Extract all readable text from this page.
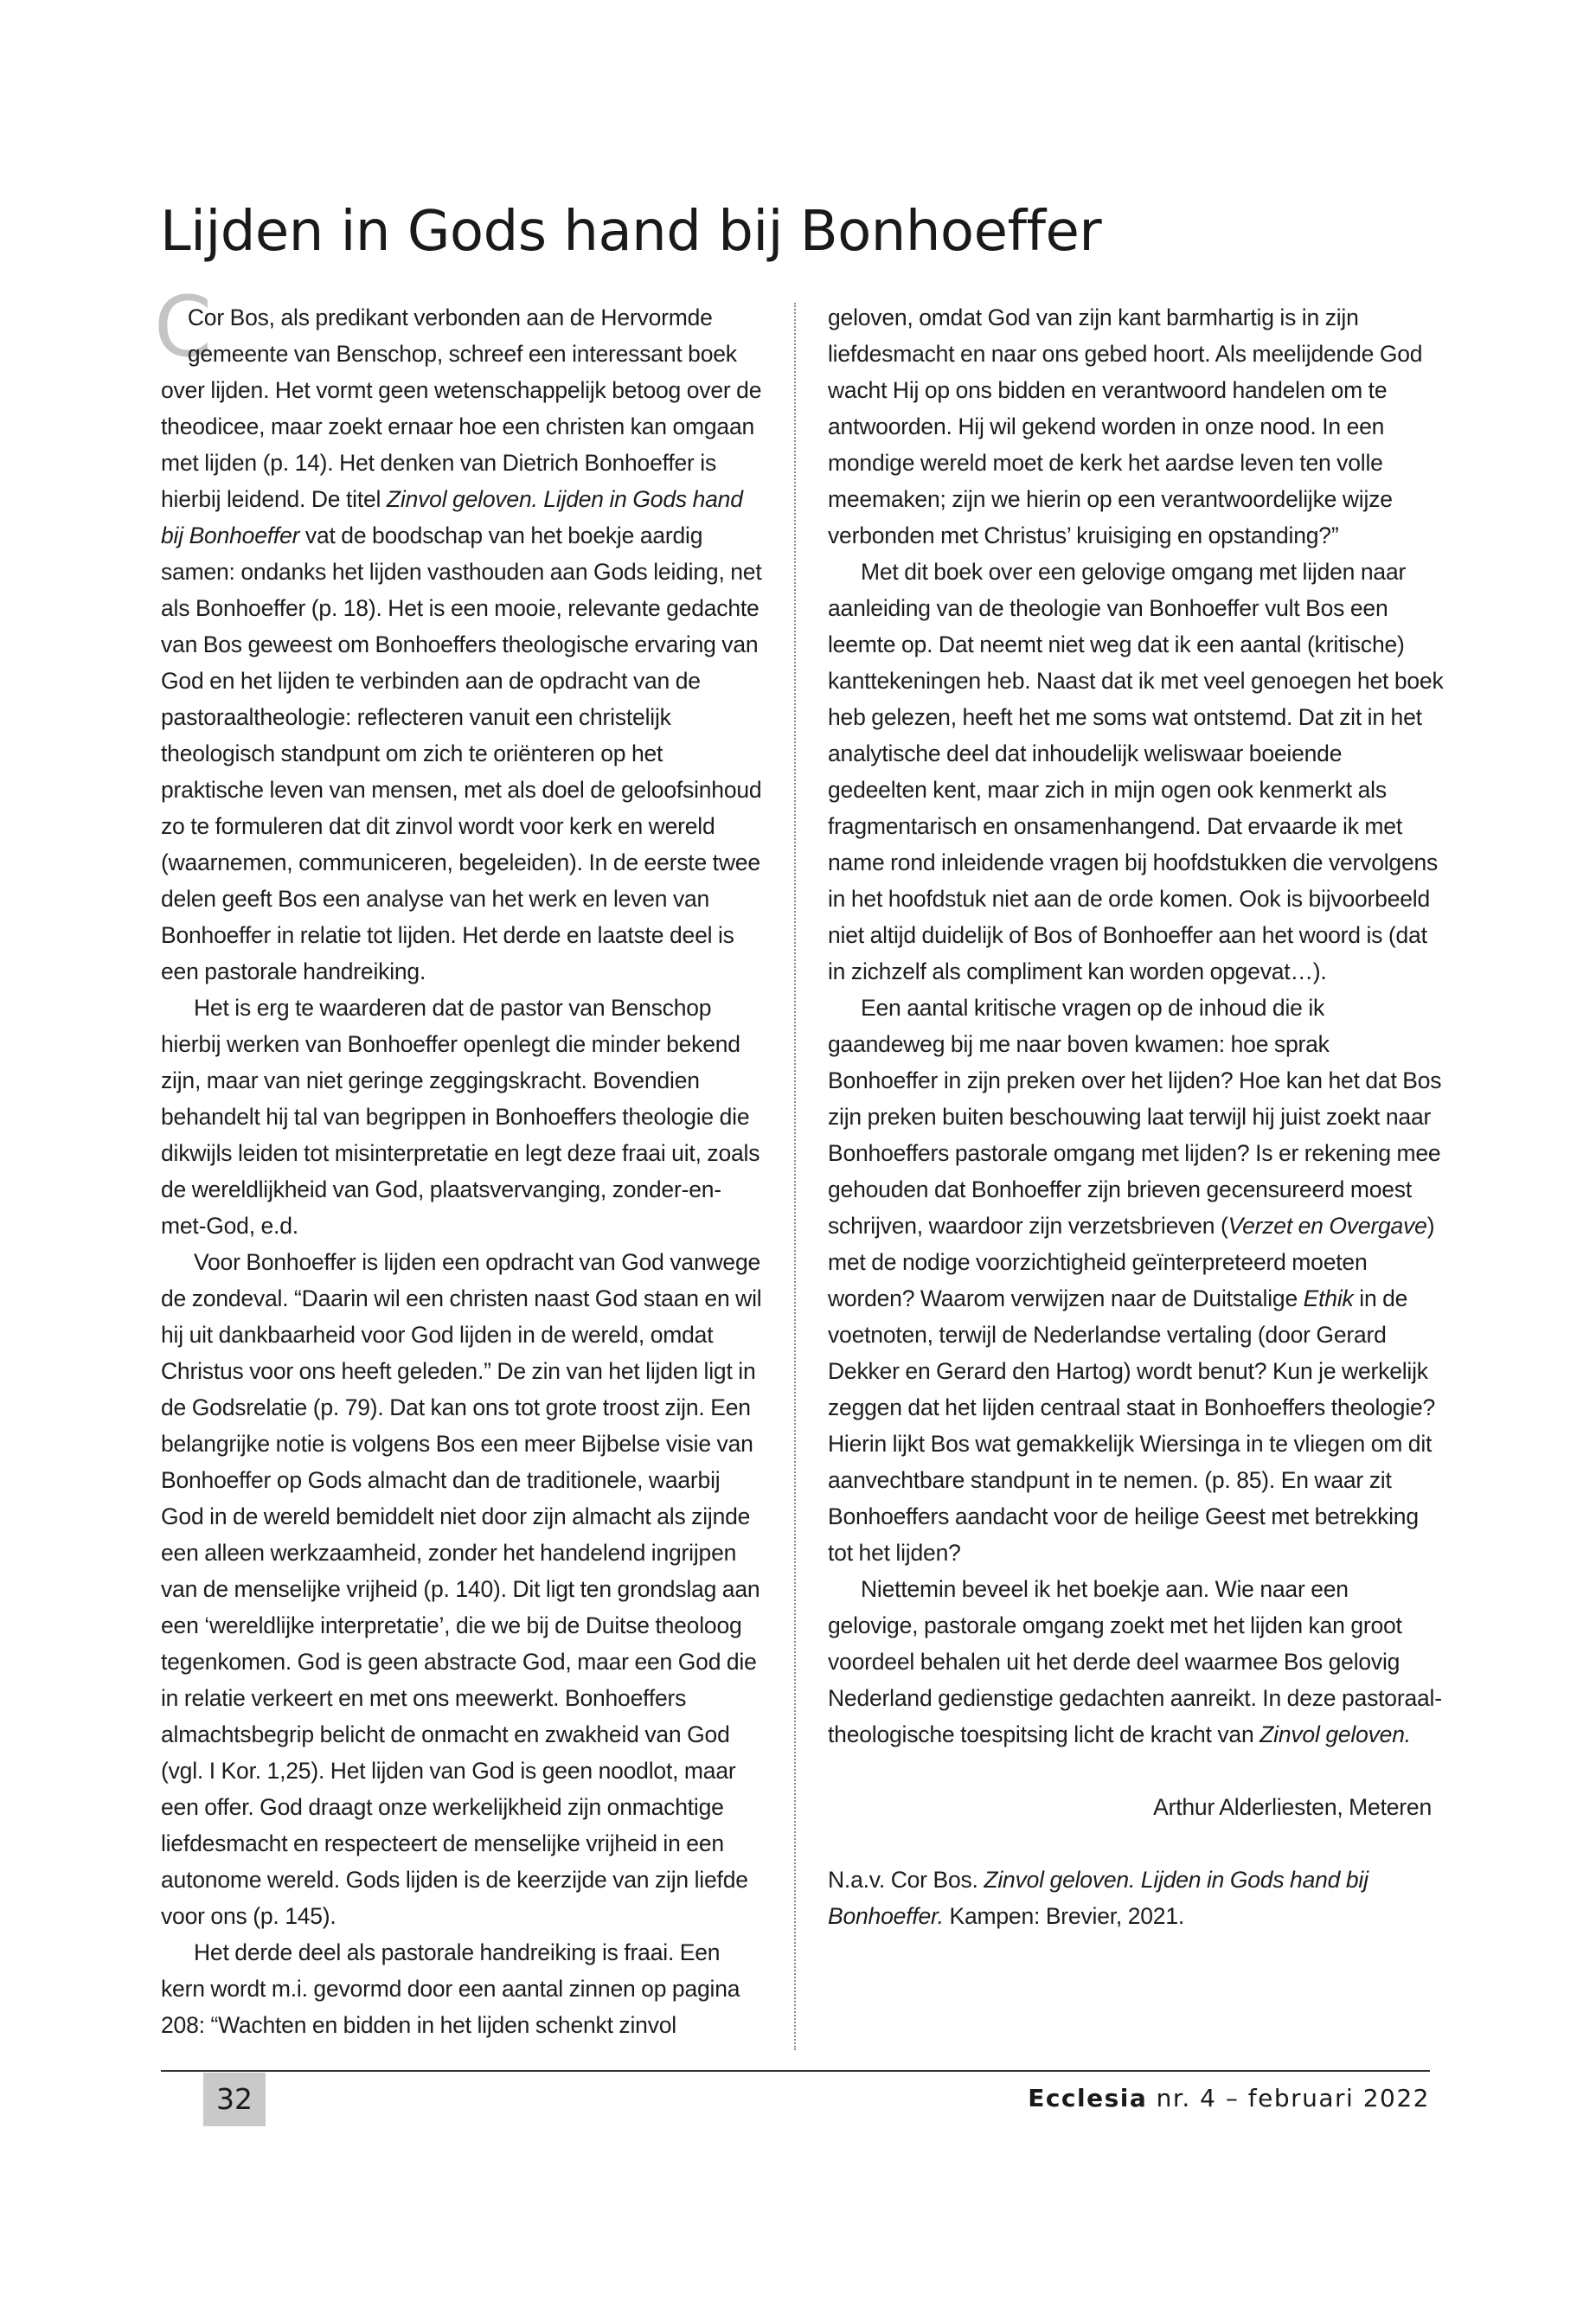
Lijden in Gods hand bij Bonhoeffer

C
Cor Bos, als predikant verbonden aan de Hervormde gemeente van Benschop, schreef een interessant boek over lijden. Het vormt geen wetenschappelijk betoog over de theodicee, maar zoekt ernaar hoe een christen kan omgaan met lijden (p. 14). Het denken van Dietrich Bonhoeffer is hierbij leidend. De titel Zinvol geloven. Lijden in Gods hand bij Bonhoeffer vat de boodschap van het boekje aardig samen: ondanks het lijden vasthouden aan Gods leiding, net als Bonhoeffer (p. 18). Het is een mooie, relevante gedachte van Bos geweest om Bonhoeffers theologische ervaring van God en het lijden te verbinden aan de opdracht van de pastoraaltheologie: reflecteren vanuit een christelijk theologisch standpunt om zich te oriënteren op het praktische leven van mensen, met als doel de geloofsinhoud zo te formuleren dat dit zinvol wordt voor kerk en wereld (waarnemen, communiceren, begeleiden). In de eerste twee delen geeft Bos een analyse van het werk en leven van Bonhoeffer in relatie tot lijden. Het derde en laatste deel is een pastorale handreiking.

Het is erg te waarderen dat de pastor van Benschop hierbij werken van Bonhoeffer openlegt die minder bekend zijn, maar van niet geringe zeggingskracht. Bovendien behandelt hij tal van begrippen in Bonhoeffers theologie die dikwijls leiden tot misinterpretatie en legt deze fraai uit, zoals de wereldlijkheid van God, plaatsvervanging, zonder-en-met-God, e.d.

Voor Bonhoeffer is lijden een opdracht van God vanwege de zondeval. “Daarin wil een christen naast God staan en wil hij uit dankbaarheid voor God lijden in de wereld, omdat Christus voor ons heeft geleden.” De zin van het lijden ligt in de Godsrelatie (p. 79). Dat kan ons tot grote troost zijn. Een belangrijke notie is volgens Bos een meer Bijbelse visie van Bonhoeffer op Gods almacht dan de traditionele, waarbij God in de wereld bemiddelt niet door zijn almacht als zijnde een alleen werkzaamheid, zonder het handelend ingrijpen van de menselijke vrijheid (p. 140). Dit ligt ten grondslag aan een ‘wereldlijke interpretatie’, die we bij de Duitse theoloog tegenkomen. God is geen abstracte God, maar een God die in relatie verkeert en met ons meewerkt. Bonhoeffers almachtsbegrip belicht de onmacht en zwakheid van God (vgl. I Kor. 1,25). Het lijden van God is geen noodlot, maar een offer. God draagt onze werkelijkheid zijn onmachtige liefdesmacht en respecteert de menselijke vrijheid in een autonome wereld. Gods lijden is de keerzijde van zijn liefde voor ons (p. 145).

Het derde deel als pastorale handreiking is fraai. Een kern wordt m.i. gevormd door een aantal zinnen op pagina 208: “Wachten en bidden in het lijden schenkt zinvol

geloven, omdat God van zijn kant barmhartig is in zijn liefdesmacht en naar ons gebed hoort. Als meelijdende God wacht Hij op ons bidden en verantwoord handelen om te antwoorden. Hij wil gekend worden in onze nood. In een mondige wereld moet de kerk het aardse leven ten volle meemaken; zijn we hierin op een verantwoordelijke wijze verbonden met Christus’ kruisiging en opstanding?”

Met dit boek over een gelovige omgang met lijden naar aanleiding van de theologie van Bonhoeffer vult Bos een leemte op. Dat neemt niet weg dat ik een aantal (kritische) kanttekeningen heb. Naast dat ik met veel genoegen het boek heb gelezen, heeft het me soms wat ontstemd. Dat zit in het analytische deel dat inhoudelijk weliswaar boeiende gedeelten kent, maar zich in mijn ogen ook kenmerkt als fragmentarisch en onsamenhangend. Dat ervaarde ik met name rond inleidende vragen bij hoofdstukken die vervolgens in het hoofdstuk niet aan de orde komen. Ook is bijvoorbeeld niet altijd duidelijk of Bos of Bonhoeffer aan het woord is (dat in zichzelf als compliment kan worden opgevat…).

Een aantal kritische vragen op de inhoud die ik gaandeweg bij me naar boven kwamen: hoe sprak Bonhoeffer in zijn preken over het lijden? Hoe kan het dat Bos zijn preken buiten beschouwing laat terwijl hij juist zoekt naar Bonhoeffers pastorale omgang met lijden? Is er rekening mee gehouden dat Bonhoeffer zijn brieven gecensureerd moest schrijven, waardoor zijn verzetsbrieven (Verzet en Overgave) met de nodige voorzichtigheid geïnterpreteerd moeten worden? Waarom verwijzen naar de Duitstalige Ethik in de voetnoten, terwijl de Nederlandse vertaling (door Gerard Dekker en Gerard den Hartog) wordt benut? Kun je werkelijk zeggen dat het lijden centraal staat in Bonhoeffers theologie? Hierin lijkt Bos wat gemakkelijk Wiersinga in te vliegen om dit aanvechtbare standpunt in te nemen. (p. 85). En waar zit Bonhoeffers aandacht voor de heilige Geest met betrekking tot het lijden?

Niettemin beveel ik het boekje aan. Wie naar een gelovige, pastorale omgang zoekt met het lijden kan groot voordeel behalen uit het derde deel waarmee Bos gelovig Nederland gedienstige gedachten aanreikt. In deze pastoraal-theologische toespitsing licht de kracht van Zinvol geloven.

Arthur Alderliesten, Meteren

N.a.v. Cor Bos. Zinvol geloven. Lijden in Gods hand bij Bonhoeffer. Kampen: Brevier, 2021.

32	Ecclesia nr. 4 – februari 2022
